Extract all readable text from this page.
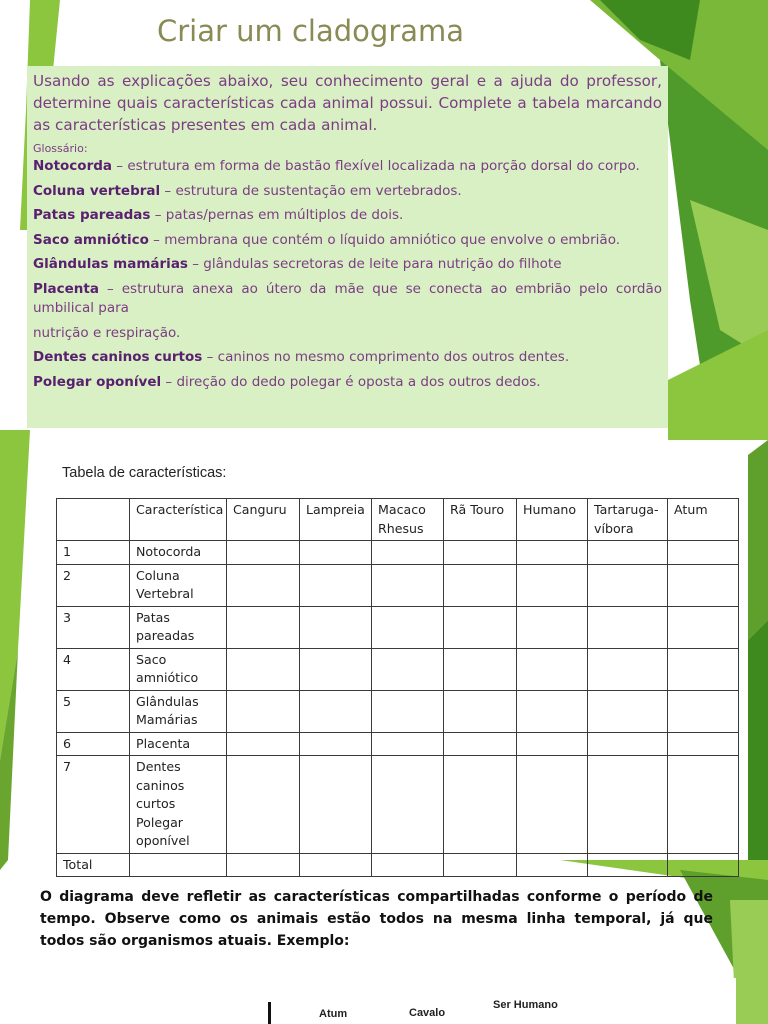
Criar um cladograma

Usando as explicações abaixo, seu conhecimento geral e a ajuda do professor, determine quais características cada animal possui. Complete a tabela marcando as características presentes em cada animal.

Glossário:

Notocorda – estrutura em forma de bastão flexível localizada na porção dorsal do corpo.

Coluna vertebral – estrutura de sustentação em vertebrados.

Patas pareadas – patas/pernas em múltiplos de dois.

Saco amniótico – membrana que contém o líquido amniótico que envolve o embrião.

Glândulas mamárias – glândulas secretoras de leite para nutrição do filhote

Placenta – estrutura anexa ao útero da mãe que se conecta ao embrião pelo cordão umbilical para

nutrição e respiração.

Dentes caninos curtos – caninos no mesmo comprimento dos outros dentes.

Polegar oponível – direção do dedo polegar é oposta a dos outros dedos.

Tabela de características:
	Característica	Canguru	Lampreia	Macaco Rhesus	Rã Touro	Humano	Tartaruga-víbora	Atum
1	Notocorda							
2	Coluna Vertebral							
3	Patas pareadas							
4	Saco amniótico							
5	Glândulas Mamárias							
6	Placenta							
7	Dentes caninos curtos Polegar oponível							
Total								
O diagrama deve refletir as características compartilhadas conforme o período de tempo. Observe como os animais estão todos na mesma linha temporal, já que todos são organismos atuais. Exemplo:
Atum	Cavalo
Ser Humano
